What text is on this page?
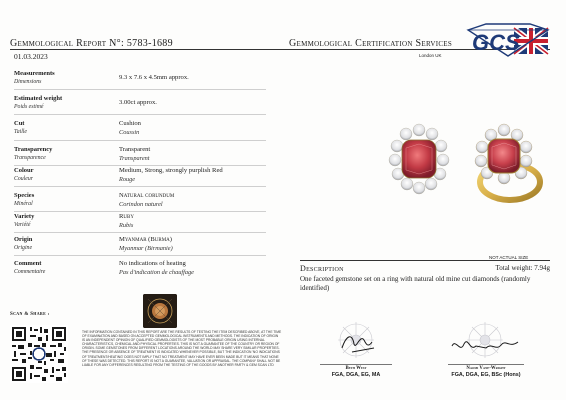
Gemmological Report N°: 5783-1689
01.03.2023
Gemmological Certification Services
London UK
GCS
Measurements
Dimensions
9.3 x 7.6 x 4.5mm approx.
Estimated weight
Poids estimé
3.00ct approx.
Cut
Taille
Cushion
Coussin
Transparency
Transparence
Transparent
Transparent
Colour
Couleur
Medium, Strong, strongly purplish Red
Rouge
Species
Minéral
Natural corundum
Corindon naturel
Variety
Variété
Ruby
Rubis
Origin
Origine
Myanmar (Burma)
Myanmar (Birmanie)
Comment
Commentaire
No indications of heating
Pas d'indication de chauffage
NOT ACTUAL SIZE
Description	Total weight: 7.94g
One faceted gemstone set on a ring with natural old mine cut diamonds (randomly identified)
Scan & Share ›
THE INFORMATION CONTAINED IN THIS REPORT ARE THE RESULTS OF TESTING THE ITEM DESCRIBED ABOVE, AT THE TIME OF EXAMINATION AND BASED ON ACCEPTED GEMMOLOGICAL INSTRUMENTS AND METHODS. THE INDICATION OF ORIGIN IS AN INDEPENDENT OPINION OF QUALIFIED GEMMOLOGISTS OF THE MOST PROBABLE ORIGIN USING INTERNAL CHARACTERISTICS, CHEMICAL AND PHYSICAL PROPERTIES. THIS IS NOT A GUARANTEE OF THE COUNTRY OR REGION OF ORIGIN. SOME GEMSTONES FROM DIFFERENT LOCATIONS AROUND THE WORLD MAY SHARE VERY SIMILAR PROPERTIES. THE PRESENCE OR ABSENCE OF TREATMENT IS INDICATED WHENEVER POSSIBLE, BUT THE INDICATION 'NO INDICATIONS OF TREATMENT/HEATING' DOES NOT IMPLY THAT NO TREATMENT MAY HAVE EVER BEEN MADE BUT IT MEANS THAT NONE OF THESE WAS DETECTED. THIS REPORT IS NOT A GUARANTEE, VALUATION OR APPRAISAL. THE COMPANY SHALL NOT BE LIABLE FOR ANY DIFFERENCES RESULTING FROM THE TESTING OF THE GOODS BY ANOTHER PARTY & GEM SCAN LTD
Beth West
FGA, DGA, EG, MA
Naomi Vane-Wright
FGA, DGA, EG, BSc (Hons)
